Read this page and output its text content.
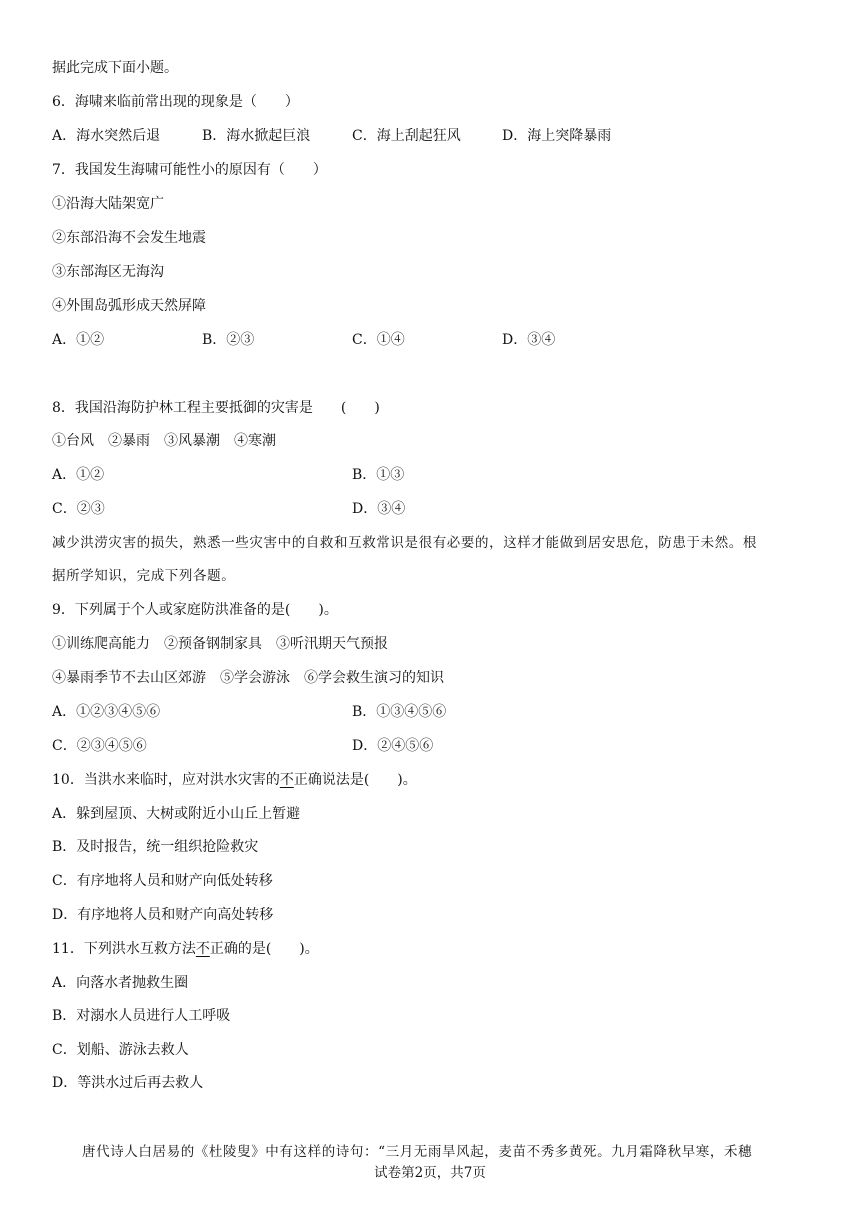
据此完成下面小题。
6．海啸来临前常出现的现象是（　　）
A．海水突然后退	B．海水掀起巨浪	C．海上刮起狂风	D．海上突降暴雨
7．我国发生海啸可能性小的原因有（　　）
①沿海大陆架宽广
②东部沿海不会发生地震
③东部海区无海沟
④外围岛弧形成天然屏障
A．①②	B．②③	C．①④	D．③④
8．我国沿海防护林工程主要抵御的灾害是　　(　　)
①台风　②暴雨　③风暴潮　④寒潮
A．①②	B．①③
C．②③	D．③④
减少洪涝灾害的损失，熟悉一些灾害中的自救和互救常识是很有必要的，这样才能做到居安思危，防患于未然。根
据所学知识，完成下列各题。
9．下列属于个人或家庭防洪准备的是(　　)。
①训练爬高能力　②预备钢制家具　③听汛期天气预报
④暴雨季节不去山区郊游　⑤学会游泳　⑥学会救生演习的知识
A．①②③④⑤⑥	B．①③④⑤⑥
C．②③④⑤⑥	D．②④⑤⑥
10．当洪水来临时，应对洪水灾害的不正确说法是(　　)。
A．躲到屋顶、大树或附近小山丘上暂避
B．及时报告，统一组织抢险救灾
C．有序地将人员和财产向低处转移
D．有序地将人员和财产向高处转移
11．下列洪水互救方法不正确的是(　　)。
A．向落水者抛救生圈
B．对溺水人员进行人工呼吸
C．划船、游泳去救人
D．等洪水过后再去救人
唐代诗人白居易的《杜陵叟》中有这样的诗句：“三月无雨旱风起，麦苗不秀多黄死。九月霜降秋早寒，禾穗
试卷第2页，共7页
